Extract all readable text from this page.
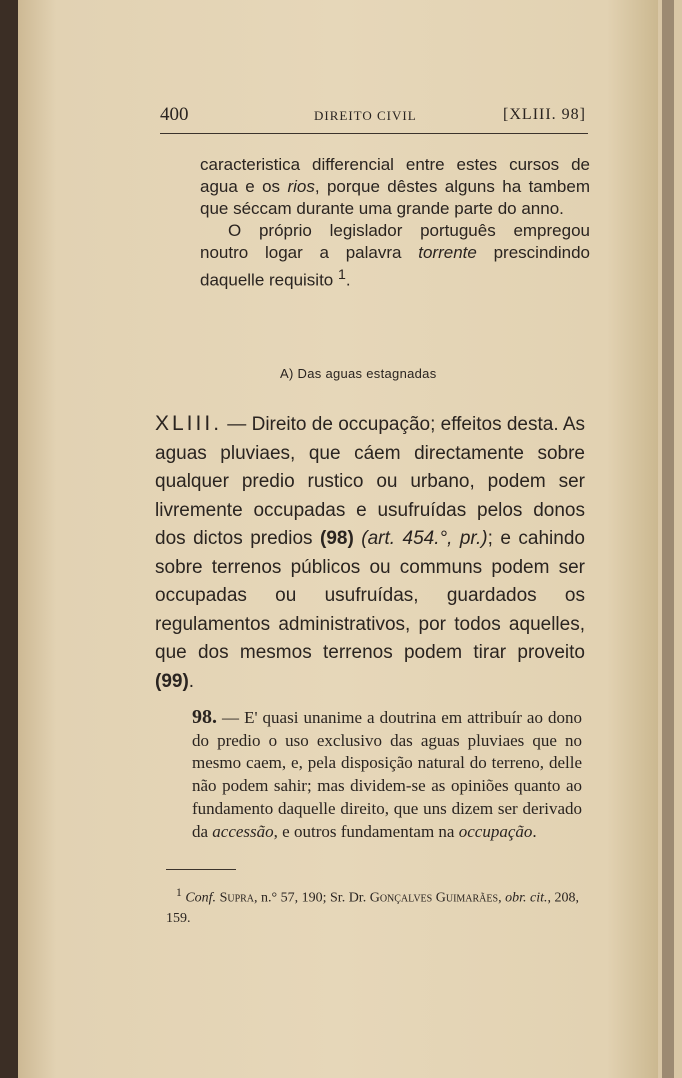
400	DIREITO CIVIL	[XLIII. 98]
caracteristica differencial entre estes cursos de agua e os rios, porque dêstes alguns ha tambem que séccam durante uma grande parte do anno.
O próprio legislador português empregou noutro logar a palavra torrente prescindindo daquelle requisito $^1$.
A) Das aguas estagnadas
XLIII. — Direito de occupação; effeitos desta. As aguas pluviaes, que cáem directamente sobre qualquer predio rustico ou urbano, podem ser livremente occupadas e usufruídas pelos donos dos dictos predios (98) (art. 454.°, pr.); e cahindo sobre terrenos públicos ou communs podem ser occupadas ou usufruídas, guardados os regulamentos administrativos, por todos aquelles, que dos mesmos terrenos podem tirar proveito (99).
98. — E' quasi unanime a doutrina em attribuír ao dono do predio o uso exclusivo das aguas pluviaes que no mesmo caem, e, pela disposição natural do terreno, delle não podem sahir; mas dividem-se as opiniões quanto ao fundamento daquelle direito, que uns dizem ser derivado da accessão, e outros fundamentam na occupação.
$^1$ Conf. Supra, n.° 57, 190; Sr. Dr. Gonçalves Guimarães, obr. cit., 208, 159.
